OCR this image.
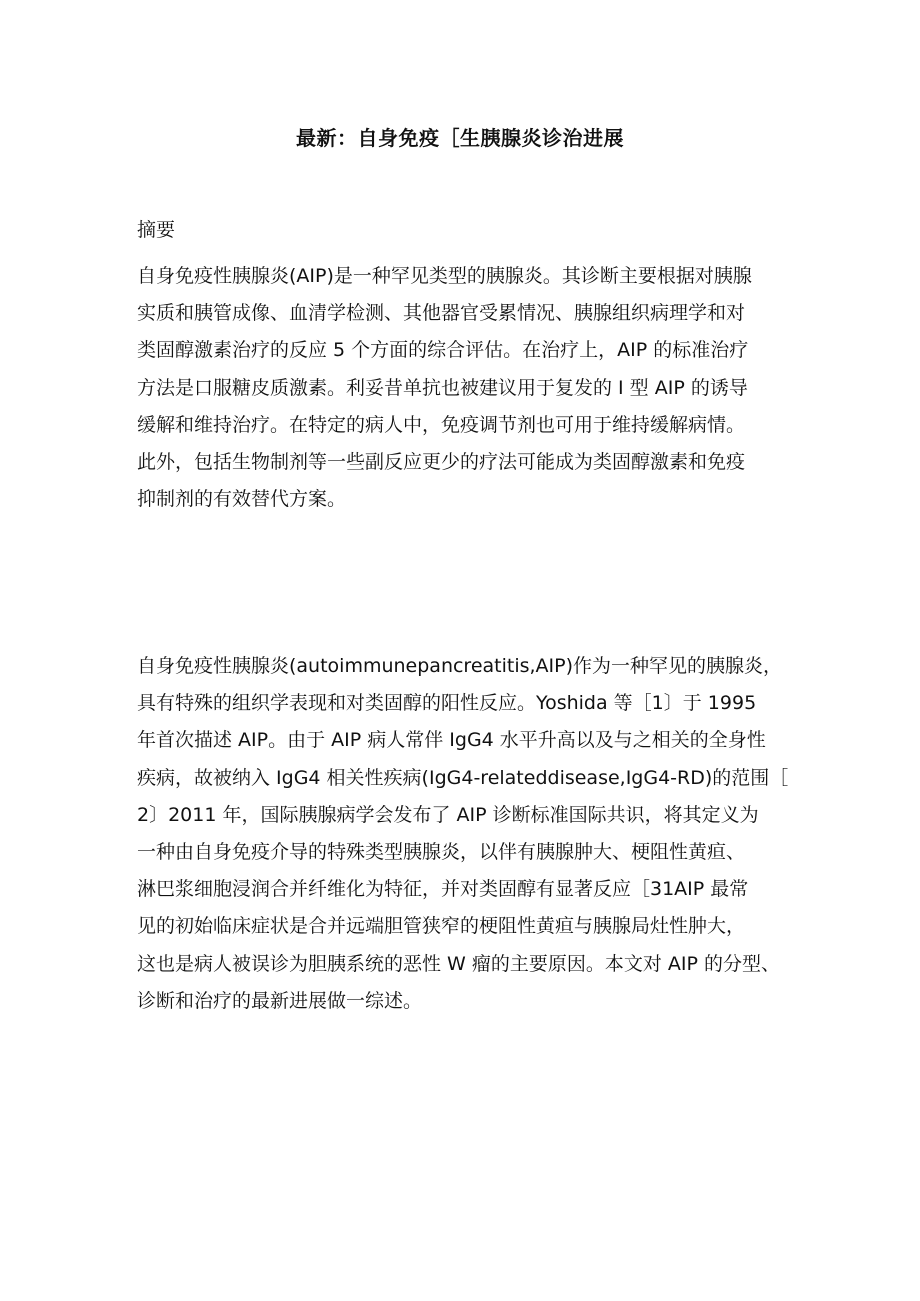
最新：自身免疫［生胰腺炎诊治进展
摘要
自身免疫性胰腺炎(AIP)是一种罕见类型的胰腺炎。其诊断主要根据对胰腺
实质和胰管成像、血清学检测、其他器官受累情况、胰腺组织病理学和对
类固醇激素治疗的反应 5 个方面的综合评估。在治疗上，AIP 的标准治疗
方法是口服糖皮质激素。利妥昔单抗也被建议用于复发的 I 型 AIP 的诱导
缓解和维持治疗。在特定的病人中，免疫调节剂也可用于维持缓解病情。
此外，包括生物制剂等一些副反应更少的疗法可能成为类固醇激素和免疫
抑制剂的有效替代方案。
自身免疫性胰腺炎(autoimmunepancreatitis,AIP)作为一种罕见的胰腺炎，
具有特殊的组织学表现和对类固醇的阳性反应。Yoshida 等［1〕于 1995
年首次描述 AIP。由于 AIP 病人常伴 IgG4 水平升高以及与之相关的全身性
疾病，故被纳入 IgG4 相关性疾病(IgG4-relateddisease,IgG4-RD)的范围［
2〕2011 年，国际胰腺病学会发布了 AIP 诊断标准国际共识，将其定义为
一种由自身免疫介导的特殊类型胰腺炎，以伴有胰腺肿大、梗阻性黄疸、
淋巴浆细胞浸润合并纤维化为特征，并对类固醇有显著反应［31AIP 最常
见的初始临床症状是合并远端胆管狭窄的梗阻性黄疸与胰腺局灶性肿大，
这也是病人被误诊为胆胰系统的恶性 W 瘤的主要原因。本文对 AIP 的分型、
诊断和治疗的最新进展做一综述。
